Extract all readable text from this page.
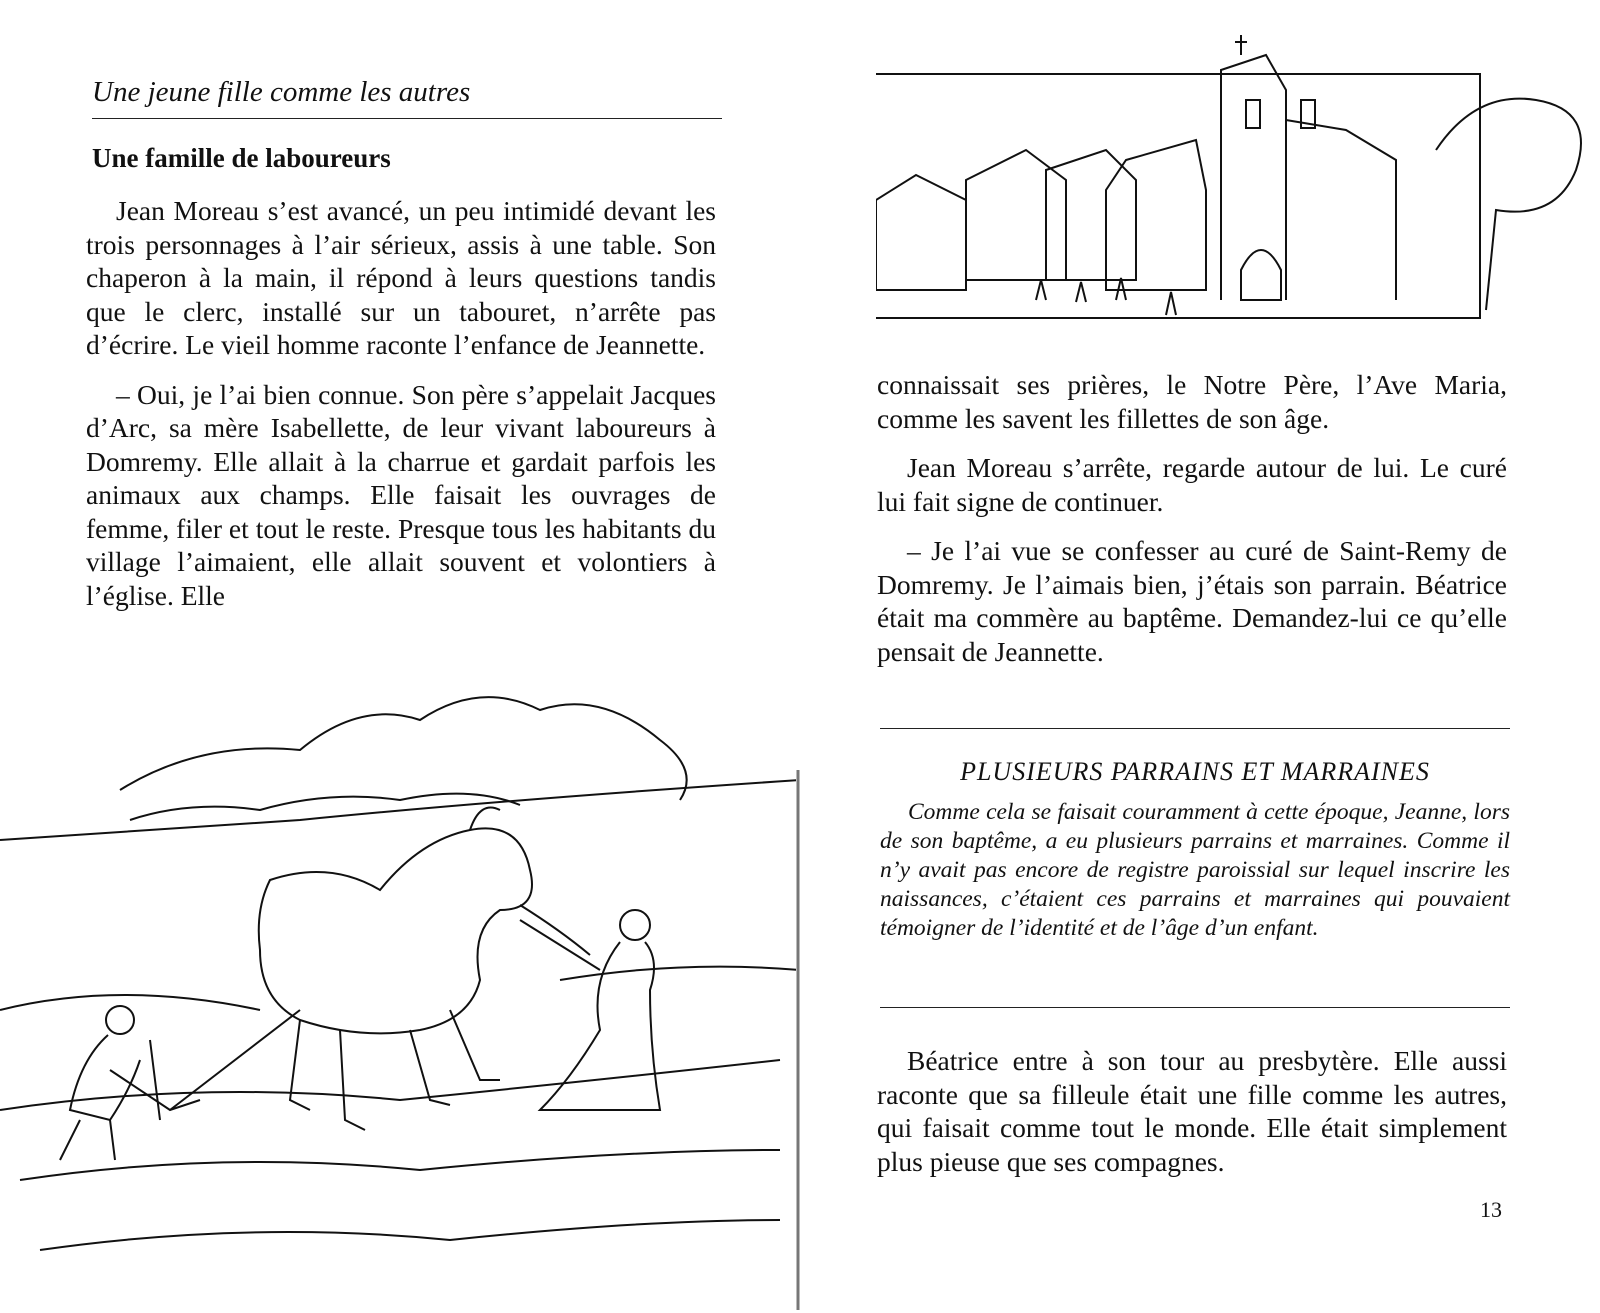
Une jeune fille comme les autres
Une famille de laboureurs

Jean Moreau s’est avancé, un peu intimidé devant les trois personnages à l’air sérieux, assis à une table. Son chaperon à la main, il répond à leurs questions tandis que le clerc, installé sur un tabouret, n’arrête pas d’écrire. Le vieil homme raconte l’enfance de Jeannette.

– Oui, je l’ai bien connue. Son père s’appelait Jacques d’Arc, sa mère Isabellette, de leur vivant laboureurs à Domremy. Elle allait à la charrue et gardait parfois les animaux aux champs. Elle faisait les ouvrages de femme, filer et tout le reste. Presque tous les habitants du village l’aimaient, elle allait souvent et volontiers à l’église. Elle

connaissait ses prières, le Notre Père, l’Ave Maria, comme les savent les fillettes de son âge.

Jean Moreau s’arrête, regarde autour de lui. Le curé lui fait signe de continuer.

– Je l’ai vue se confesser au curé de Saint-Remy de Domremy. Je l’aimais bien, j’étais son parrain. Béatrice était ma commère au baptême. Demandez-lui ce qu’elle pensait de Jeannette.

PLUSIEURS PARRAINS ET MARRAINES

Comme cela se faisait couramment à cette époque, Jeanne, lors de son baptême, a eu plusieurs parrains et marraines. Comme il n’y avait pas encore de registre paroissial sur lequel inscrire les naissances, c’étaient ces parrains et marraines qui pouvaient témoigner de l’identité et de l’âge d’un enfant.

Béatrice entre à son tour au presbytère. Elle aussi raconte que sa filleule était une fille comme les autres, qui faisait comme tout le monde. Elle était simplement plus pieuse que ses compagnes.

13
